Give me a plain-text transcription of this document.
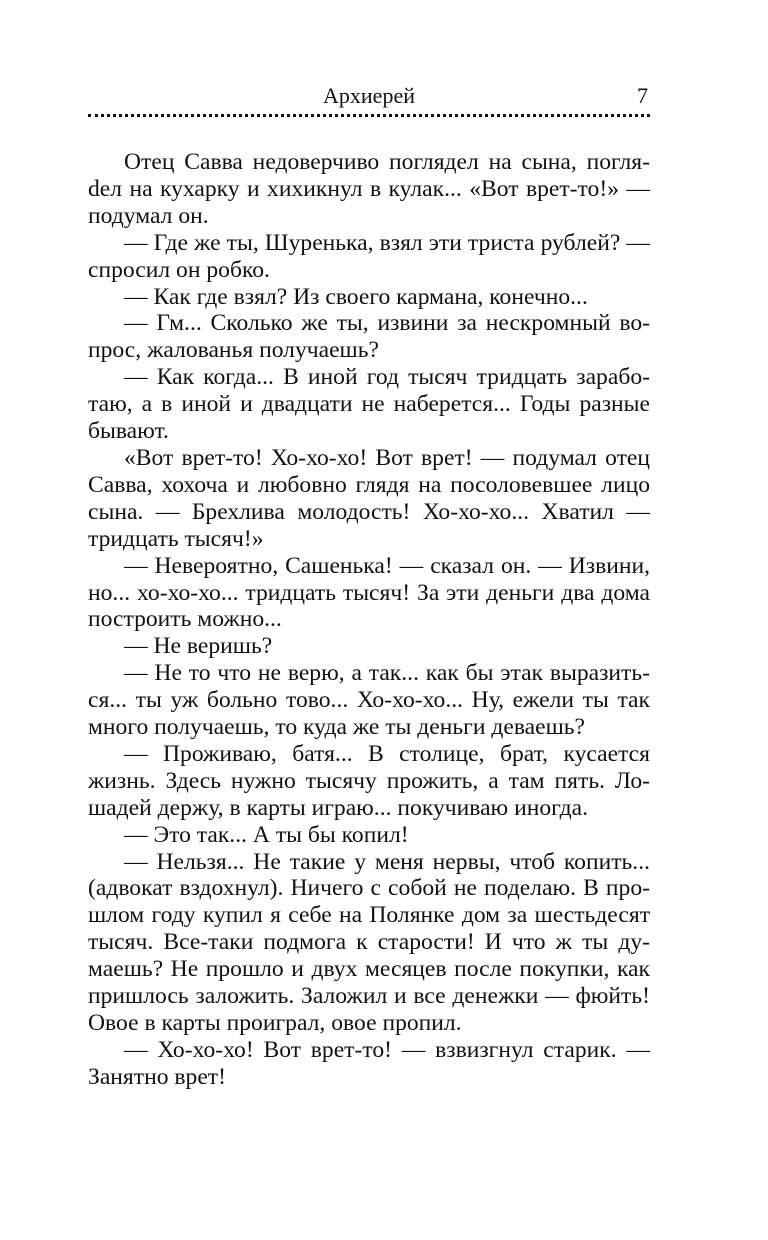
Архиерей	7

Отец Савва недоверчиво поглядел на сына, погляdел на кухарку и хихикнул в кулак... «Вот врет-то!» — подумал он.

— Где же ты, Шуренька, взял эти триста рублей? — спросил он робко.

— Как где взял? Из своего кармана, конечно...

— Гм... Сколько же ты, извини за нескромный вопрос, жалованья получаешь?

— Как когда... В иной год тысяч тридцать заработаю, а в иной и двадцати не наберется... Годы разные бывают.

«Вот врет-то! Хо-хо-хо! Вот врет! — подумал отец Савва, хохоча и любовно глядя на посоловевшее лицо сына. — Брехлива молодость! Хо-хо-хо... Хватил — тридцать тысяч!»

— Невероятно, Сашенька! — сказал он. — Извини, но... хо-хо-хо... тридцать тысяч! За эти деньги два дома построить можно...

— Не веришь?

— Не то что не верю, а так... как бы этак выразиться... ты уж больно тово... Хо-хо-хо... Ну, ежели ты так много получаешь, то куда же ты деньги деваешь?

— Проживаю, батя... В столице, брат, кусается жизнь. Здесь нужно тысячу прожить, а там пять. Лошадей держу, в карты играю... покучиваю иногда.

— Это так... А ты бы копил!

— Нельзя... Не такие у меня нервы, чтоб копить... (адвокат вздохнул). Ничего с собой не поделаю. В прошлом году купил я себе на Полянке дом за шестьдесят тысяч. Все-таки подмога к старости! И что ж ты думаешь? Не прошло и двух месяцев после покупки, как пришлось заложить. Заложил и все денежки — фюйть! Овое в карты проиграл, овое пропил.

— Хо-хо-хо! Вот врет-то! — взвизгнул старик. — Занятно врет!
